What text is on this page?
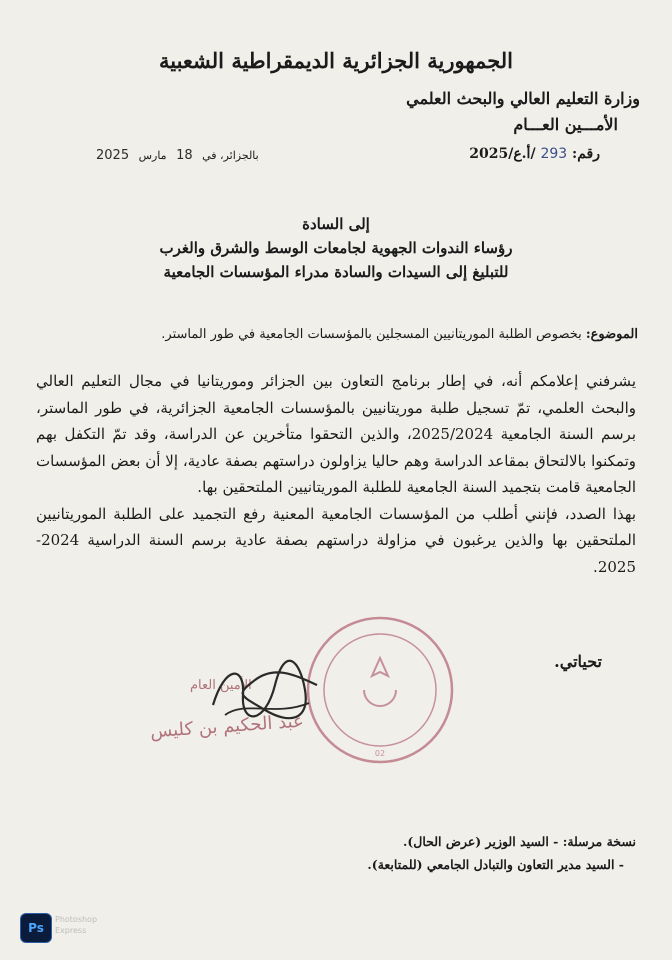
الجمهورية الجزائرية الديمقراطية الشعبية
وزارة التعليم العالي والبحث العلمي
الأمـــين العـــام
رقم: 293 /أ.ع/2025
بالجزائر، في 18 مارس 2025
إلى السادة
رؤساء الندوات الجهوية لجامعات الوسط والشرق والغرب
للتبليغ إلى السيدات والسادة مدراء المؤسسات الجامعية
الموضوع: بخصوص الطلبة الموريتانيين المسجلين بالمؤسسات الجامعية في طور الماستر.

يشرفني إعلامكم أنه، في إطار برنامج التعاون بين الجزائر وموريتانيا في مجال التعليم العالي والبحث العلمي، تمّ تسجيل طلبة موريتانيين بالمؤسسات الجامعية الجزائرية، في طور الماستر، برسم السنة الجامعية 2025/2024، والذين التحقوا متأخرين عن الدراسة، وقد تمّ التكفل بهم وتمكنوا بالالتحاق بمقاعد الدراسة وهم حاليا يزاولون دراستهم بصفة عادية، إلا أن بعض المؤسسات الجامعية قامت بتجميد السنة الجامعية للطلبة الموريتانيين الملتحقين بها.

بهذا الصدد، فإنني أطلب من المؤسسات الجامعية المعنية رفع التجميد على الطلبة الموريتانيين الملتحقين بها والذين يرغبون في مزاولة دراستهم بصفة عادية برسم السنة الدراسية 2024-2025.

تحياتي.
02
الأمين العام
عبد الحكيم بن كليس
نسخة مرسلة: - السيد الوزير (عرض الحال).
- السيد مدير التعاون والتبادل الجامعي (للمتابعة).
Ps
Photoshop
Express
